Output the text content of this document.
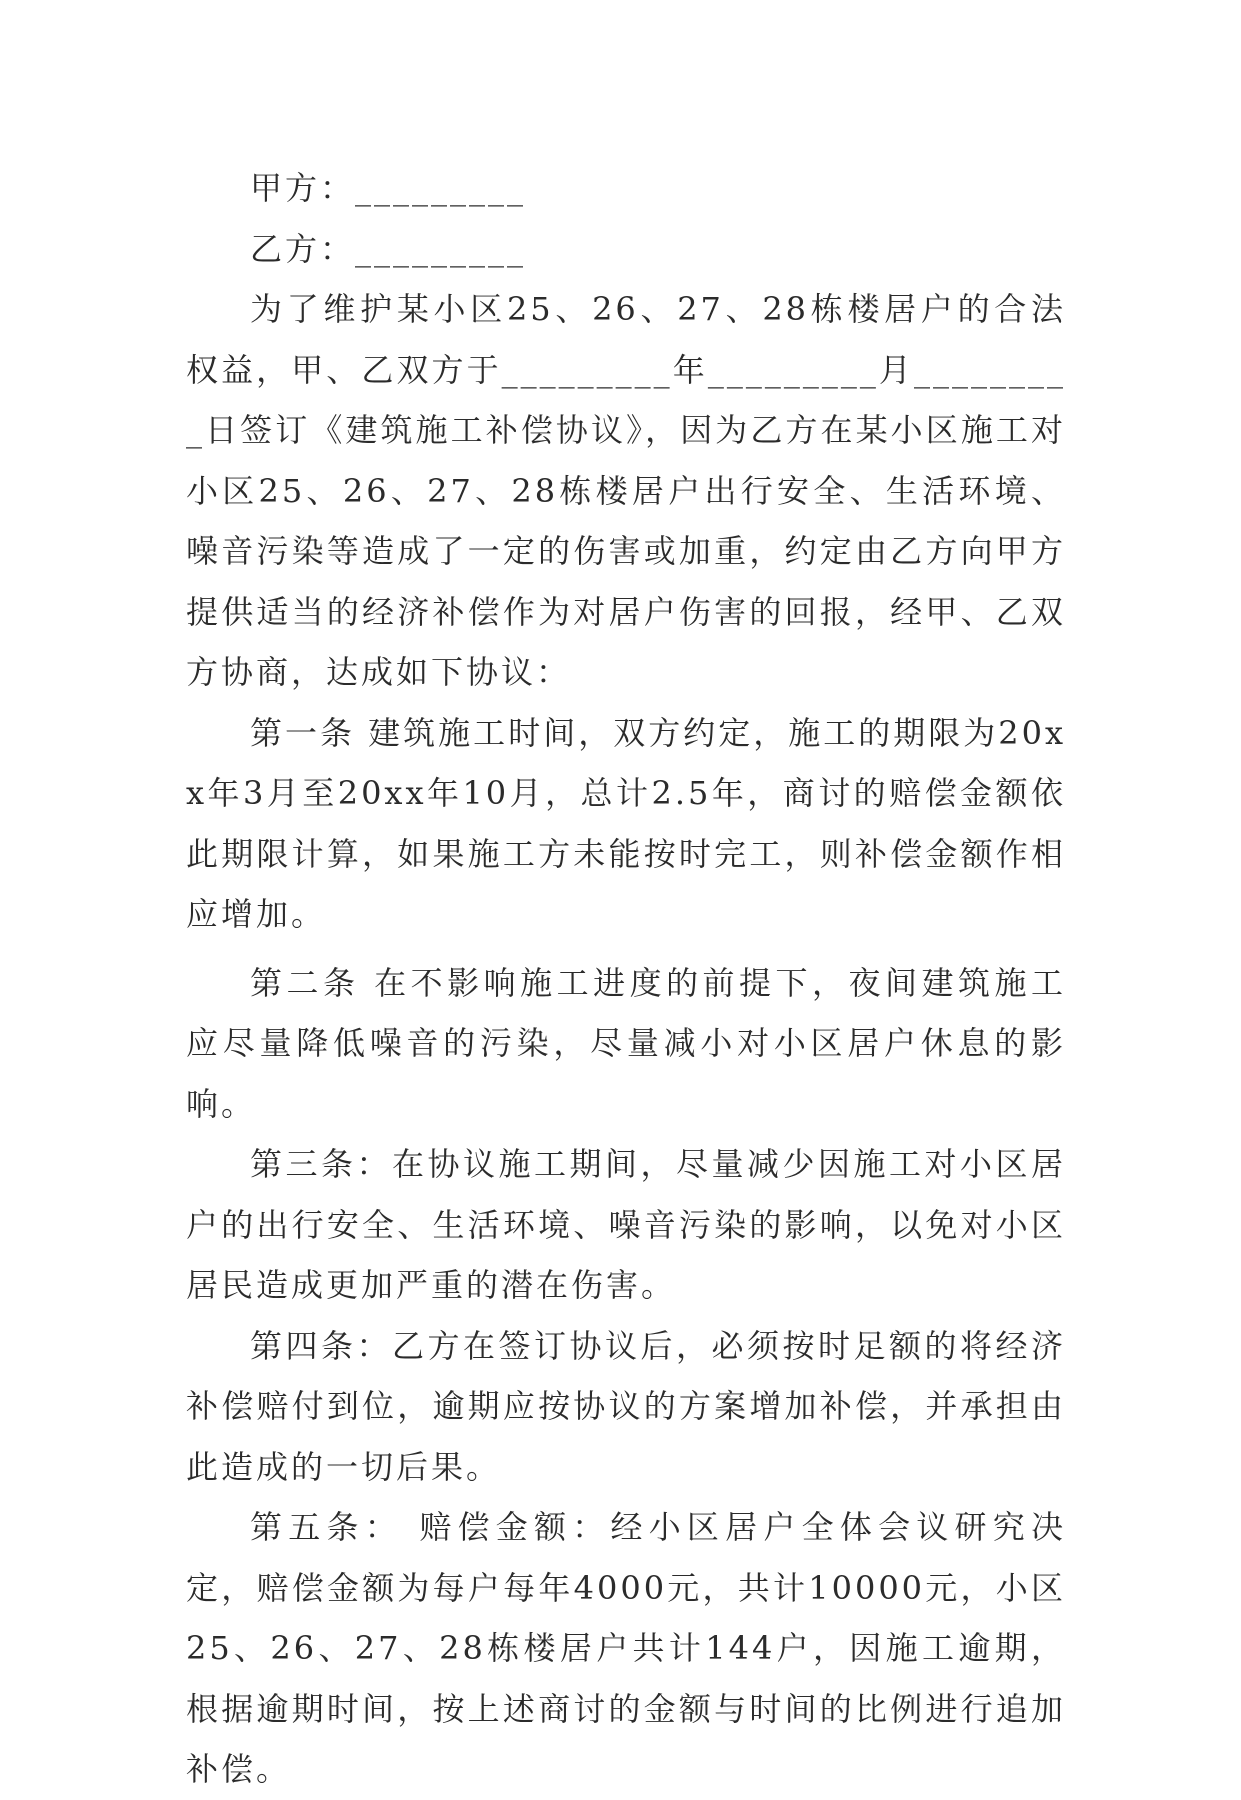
甲方：_________

乙方：_________

为了维护某小区25、26、27、28栋楼居户的合法权益，甲、乙双方于_________年_________月_________日签订《建筑施工补偿协议》，因为乙方在某小区施工对小区25、26、27、28栋楼居户出行安全、生活环境、噪音污染等造成了一定的伤害或加重，约定由乙方向甲方提供适当的经济补偿作为对居户伤害的回报，经甲、乙双方协商，达成如下协议：

第一条 建筑施工时间，双方约定，施工的期限为20xx年3月至20xx年10月，总计2.5年，商讨的赔偿金额依此期限计算，如果施工方未能按时完工，则补偿金额作相应增加。

第二条 在不影响施工进度的前提下，夜间建筑施工应尽量降低噪音的污染，尽量减小对小区居户休息的影响。

第三条：在协议施工期间，尽量减少因施工对小区居户的出行安全、生活环境、噪音污染的影响，以免对小区居民造成更加严重的潜在伤害。

第四条：乙方在签订协议后，必须按时足额的将经济补偿赔付到位，逾期应按协议的方案增加补偿，并承担由此造成的一切后果。

第五条： 赔偿金额：经小区居户全体会议研究决定，赔偿金额为每户每年4000元，共计10000元，小区25、26、27、28栋楼居户共计144户，因施工逾期，根据逾期时间，按上述商讨的金额与时间的比例进行追加补偿。
